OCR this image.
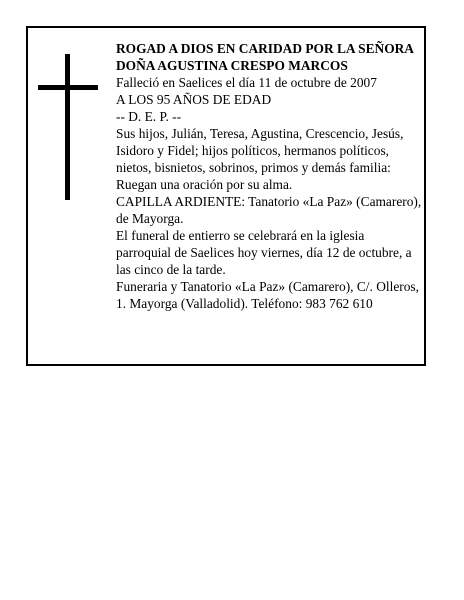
ROGAD A DIOS EN CARIDAD POR LA SEÑORA
DOÑA AGUSTINA CRESPO MARCOS
Falleció en Saelices el día 11 de octubre de 2007
A LOS 95 AÑOS DE EDAD
-- D. E. P. --
Sus hijos, Julián, Teresa, Agustina, Crescencio, Jesús,
Isidoro y Fidel; hijos políticos, hermanos políticos,
nietos, bisnietos, sobrinos, primos y demás familia:
Ruegan una oración por su alma.
CAPILLA ARDIENTE: Tanatorio «La Paz» (Camarero),
de Mayorga.
El funeral de entierro se celebrará en la iglesia
parroquial de Saelices hoy viernes, día 12 de octubre, a
las cinco de la tarde.
Funeraria y Tanatorio «La Paz» (Camarero), C/. Olleros,
1. Mayorga (Valladolid). Teléfono: 983 762 610
